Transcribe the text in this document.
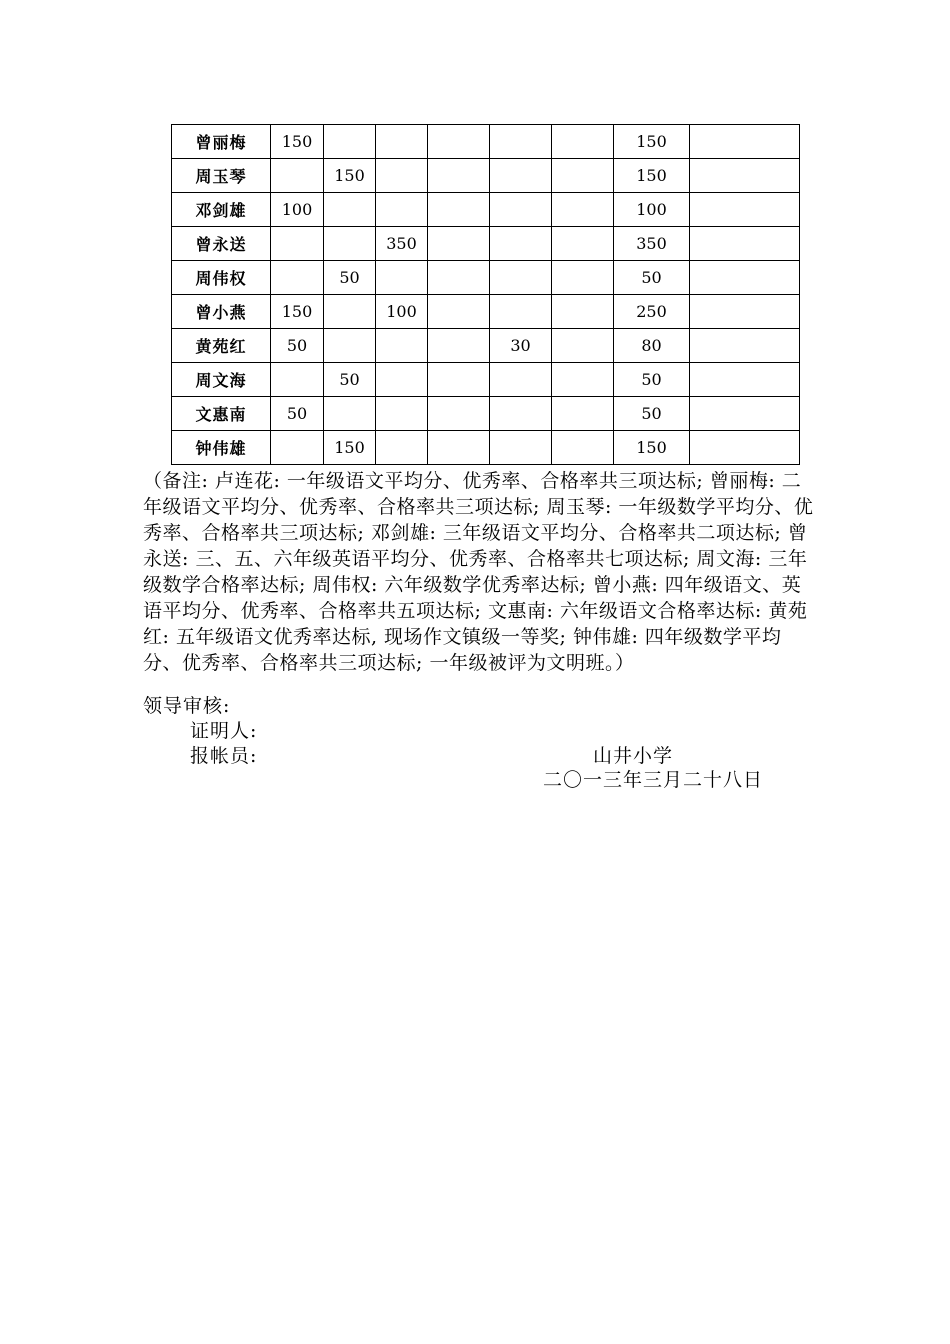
曾丽梅	150						150	
周玉琴		150					150	
邓剑雄	100						100	
曾永送			350				350	
周伟权		50					50	
曾小燕	150		100				250	
黄苑红	50				30		80	
周文海		50					50	
文惠南	50						50	
钟伟雄		150					150	

（备注: 卢连花: 一年级语文平均分、优秀率、合格率共三项达标; 曾丽梅: 二年级语文平均分、优秀率、合格率共三项达标; 周玉琴: 一年级数学平均分、优秀率、合格率共三项达标; 邓剑雄: 三年级语文平均分、合格率共二项达标; 曾永送: 三、五、六年级英语平均分、优秀率、合格率共七项达标; 周文海: 三年级数学合格率达标; 周伟权: 六年级数学优秀率达标; 曾小燕: 四年级语文、英语平均分、优秀率、合格率共五项达标; 文惠南: 六年级语文合格率达标: 黄苑红: 五年级语文优秀率达标, 现场作文镇级一等奖; 钟伟雄: 四年级数学平均分、优秀率、合格率共三项达标; 一年级被评为文明班。）

领导审核:
证明人:
报帐员:	山井小学
二〇一三年三月二十八日
